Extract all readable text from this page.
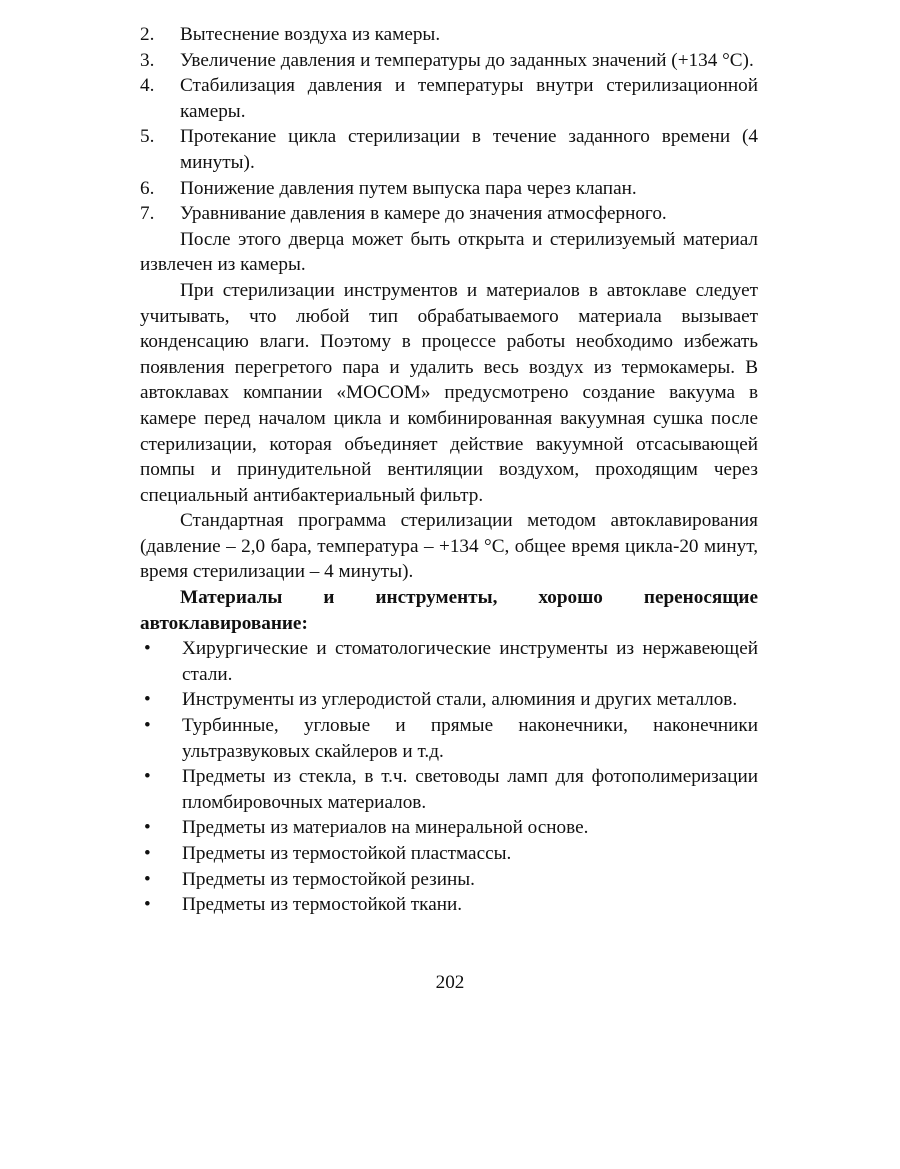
2.	Вытеснение воздуха из камеры.
3.	Увеличение давления и температуры до заданных значений (+134 °С).
4.	Стабилизация давления и температуры внутри стерилизационной камеры.
5.	Протекание цикла стерилизации в течение заданного времени (4 минуты).
6.	Понижение давления путем выпуска пара через клапан.
7.	Уравнивание давления в камере до значения атмосферного.

После этого дверца может быть открыта и стерилизуемый материал извлечен из камеры.

При стерилизации инструментов и материалов в автоклаве следует учитывать, что любой тип обрабатываемого материала вызывает конденсацию влаги. Поэтому в процессе работы необходимо избежать появления перегретого пара и удалить весь воздух из термокамеры. В автоклавах компании «МОСОМ» предусмотрено создание вакуума в камере перед началом цикла и комбинированная вакуумная сушка после стерилизации, которая объединяет действие вакуумной отсасывающей помпы и принудительной вентиляции воздухом, проходящим через специальный антибактериальный фильтр.

Стандартная программа стерилизации методом автоклавирования (давление – 2,0 бара, температура – +134 °С, общее время цикла-20 минут, время стерилизации – 4 минуты).

Материалы и инструменты, хорошо переносящие автоклавирование:

•	Хирургические и стоматологические инструменты из нержавеющей стали.
•	Инструменты из углеродистой стали, алюминия и других металлов.
•	Турбинные, угловые и прямые наконечники, наконечники ультразвуковых скайлеров и т.д.
•	Предметы из стекла, в т.ч. световоды ламп для фотополимеризации пломбировочных материалов.
•	Предметы из материалов на минеральной основе.
•	Предметы из термостойкой пластмассы.
•	Предметы из термостойкой резины.
•	Предметы из термостойкой ткани.
202
